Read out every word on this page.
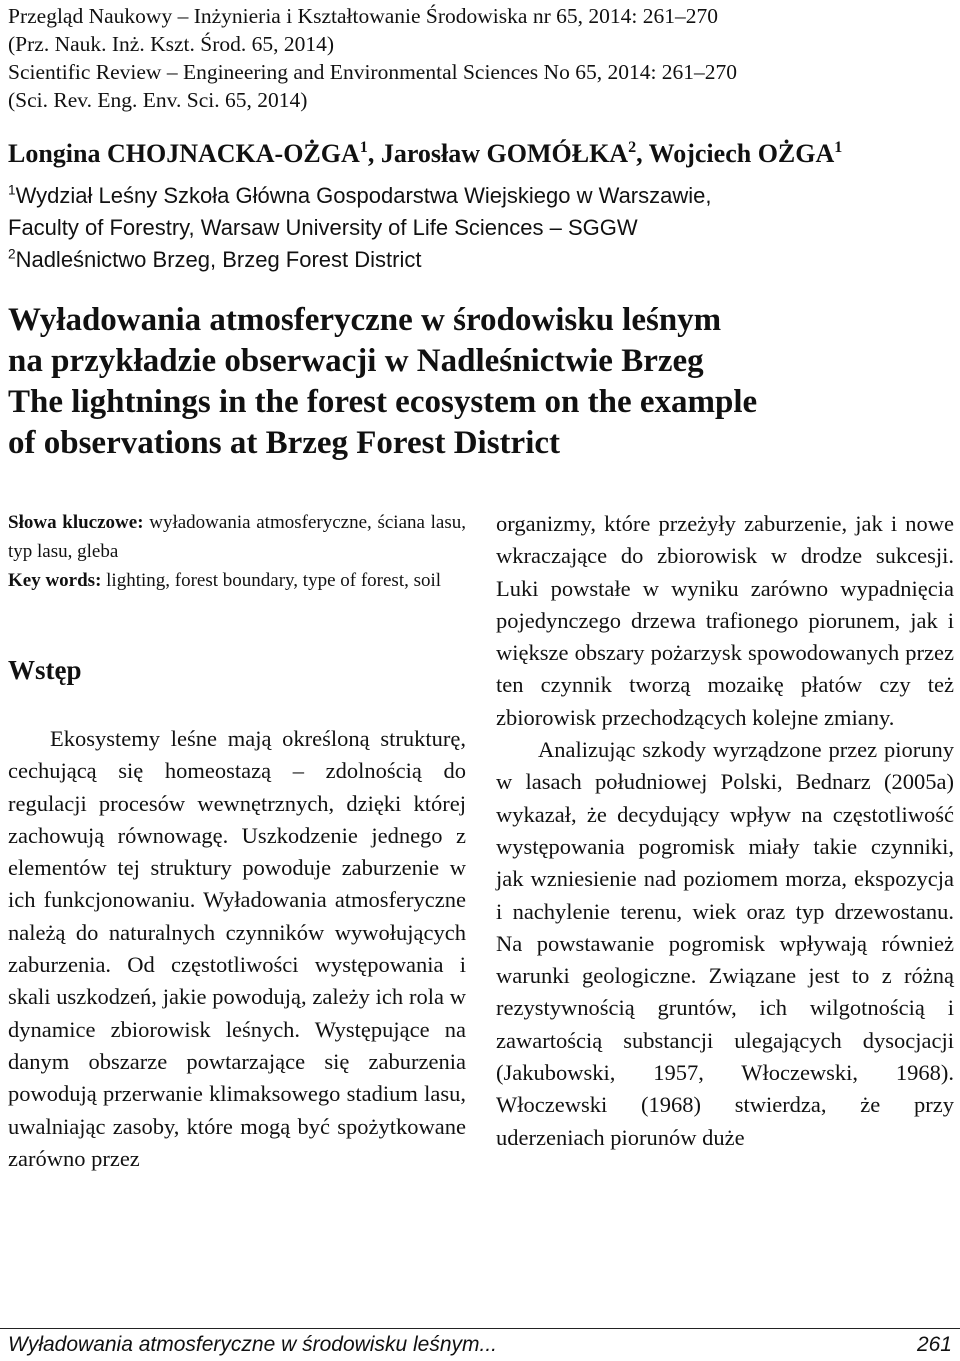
Przegląd Naukowy – Inżynieria i Kształtowanie Środowiska nr 65, 2014: 261–270
(Prz. Nauk. Inż. Kszt. Środ. 65, 2014)
Scientific Review – Engineering and Environmental Sciences No 65, 2014: 261–270
(Sci. Rev. Eng. Env. Sci. 65, 2014)
Longina CHOJNACKA-OŻGA$^1$, Jarosław GOMÓŁKA$^2$, Wojciech OŻGA$^1$
$^1$Wydział Leśny Szkoła Główna Gospodarstwa Wiejskiego w Warszawie,
Faculty of Forestry, Warsaw University of Life Sciences – SGGW
$^2$Nadleśnictwo Brzeg, Brzeg Forest District
Wyładowania atmosferyczne w środowisku leśnym
na przykładzie obserwacji w Nadleśnictwie Brzeg
The lightnings in the forest ecosystem on the example
of observations at Brzeg Forest District
Słowa kluczowe: wyładowania atmosferyczne, ściana lasu, typ lasu, gleba
Key words: lighting, forest boundary, type of forest, soil
Wstęp

Ekosystemy leśne mają określoną strukturę, cechującą się homeostazą – zdolnością do regulacji procesów wewnętrznych, dzięki której zachowują równowagę. Uszkodzenie jednego z elementów tej struktury powoduje zaburzenie w ich funkcjonowaniu. Wyładowania atmosferyczne należą do naturalnych czynników wywołujących zaburzenia. Od częstotliwości występowania i skali uszkodzeń, jakie powodują, zależy ich rola w dynamice zbiorowisk leśnych. Występujące na danym obszarze powtarzające się zaburzenia powodują przerwanie klimaksowego stadium lasu, uwalniając zasoby, które mogą być spożytkowane zarówno przez

organizmy, które przeżyły zaburzenie, jak i nowe wkraczające do zbiorowisk w drodze sukcesji. Luki powstałe w wyniku zarówno wypadnięcia pojedynczego drzewa trafionego piorunem, jak i większe obszary pożarzysk spowodowanych przez ten czynnik tworzą mozaikę płatów czy też zbiorowisk przechodzących kolejne zmiany.

Analizując szkody wyrządzone przez pioruny w lasach południowej Polski, Bednarz (2005a) wykazał, że decydujący wpływ na częstotliwość występowania pogromisk miały takie czynniki, jak wzniesienie nad poziomem morza, ekspozycja i nachylenie terenu, wiek oraz typ drzewostanu. Na powstawanie pogromisk wpływają również warunki geologiczne. Związane jest to z różną rezystywnością gruntów, ich wilgotnością i zawartością substancji ulegających dysocjacji (Jakubowski, 1957, Włoczewski, 1968). Włoczewski (1968) stwierdza, że przy uderzeniach piorunów duże

Wyładowania atmosferyczne w środowisku leśnym...	261
